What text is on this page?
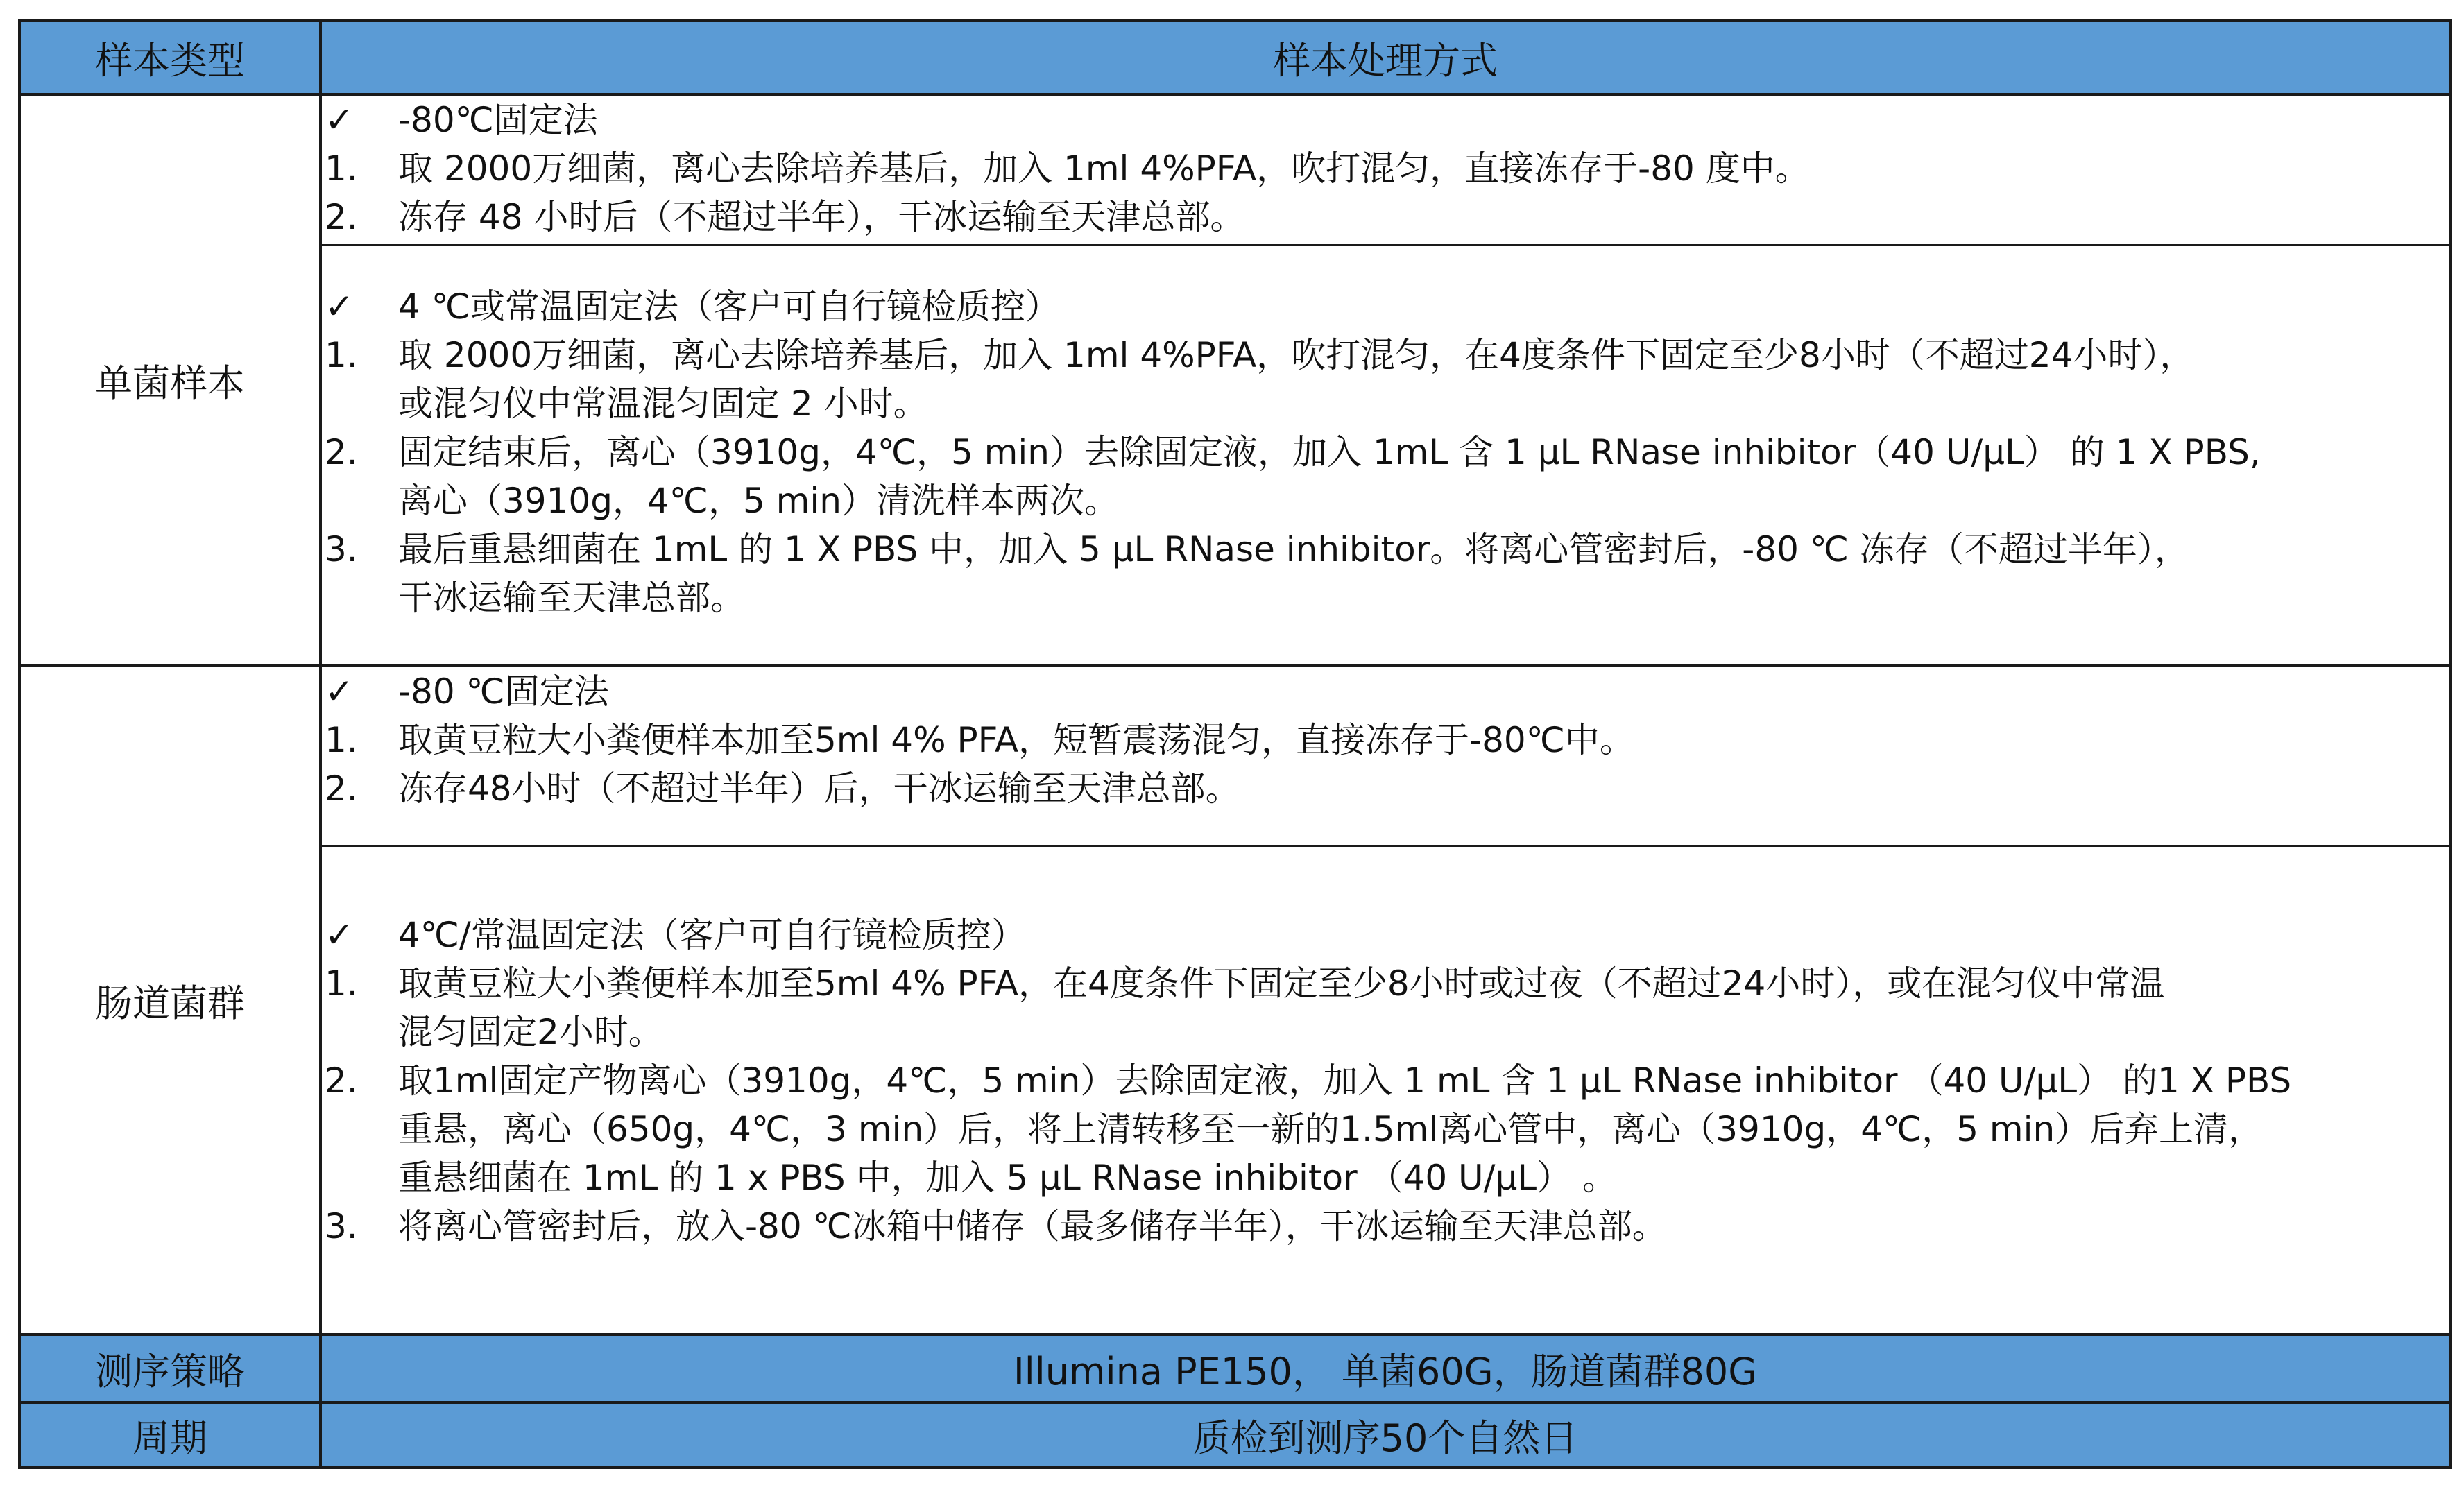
样本类型	样本处理方式
单菌样本
✓	-80℃固定法
1. 取 2000万细菌，离心去除培养基后，加入 1ml 4%PFA，吹打混匀，直接冻存于-80 度中。
2. 冻存 48 小时后（不超过半年），干冰运输至天津总部。
✓	4 ℃或常温固定法（客户可自行镜检质控）
1. 取 2000万细菌，离心去除培养基后，加入 1ml 4%PFA，吹打混匀，在4度条件下固定至少8小时（不超过24小时），
或混匀仪中常温混匀固定 2 小时。
2. 固定结束后，离心（3910g，4℃，5 min）去除固定液，加入 1mL 含 1 μL RNase inhibitor（40 U/μL） 的 1 X PBS,
离心（3910g，4℃，5 min）清洗样本两次。
3. 最后重悬细菌在 1mL 的 1 X PBS 中，加入 5 μL RNase inhibitor。将离心管密封后，-80 ℃ 冻存（不超过半年），
干冰运输至天津总部。
肠道菌群
✓	-80 ℃固定法
1. 取黄豆粒大小粪便样本加至5ml 4% PFA，短暂震荡混匀，直接冻存于-80℃中。
2. 冻存48小时（不超过半年）后，干冰运输至天津总部。
✓	4℃/常温固定法（客户可自行镜检质控）
1. 取黄豆粒大小粪便样本加至5ml 4% PFA，在4度条件下固定至少8小时或过夜（不超过24小时），或在混匀仪中常温
混匀固定2小时。
2. 取1ml固定产物离心（3910g，4℃，5 min）去除固定液，加入 1 mL 含 1 μL RNase inhibitor （40 U/μL） 的1 X PBS
重悬，离心（650g，4℃，3 min）后，将上清转移至一新的1.5ml离心管中，离心（3910g，4℃，5 min）后弃上清，
重悬细菌在 1mL 的 1 x PBS 中，加入 5 μL RNase inhibitor （40 U/μL） 。
3. 将离心管密封后，放入-80 ℃冰箱中储存（最多储存半年），干冰运输至天津总部。
测序策略	Illumina PE150， 单菌60G，肠道菌群80G
周期	质检到测序50个自然日
